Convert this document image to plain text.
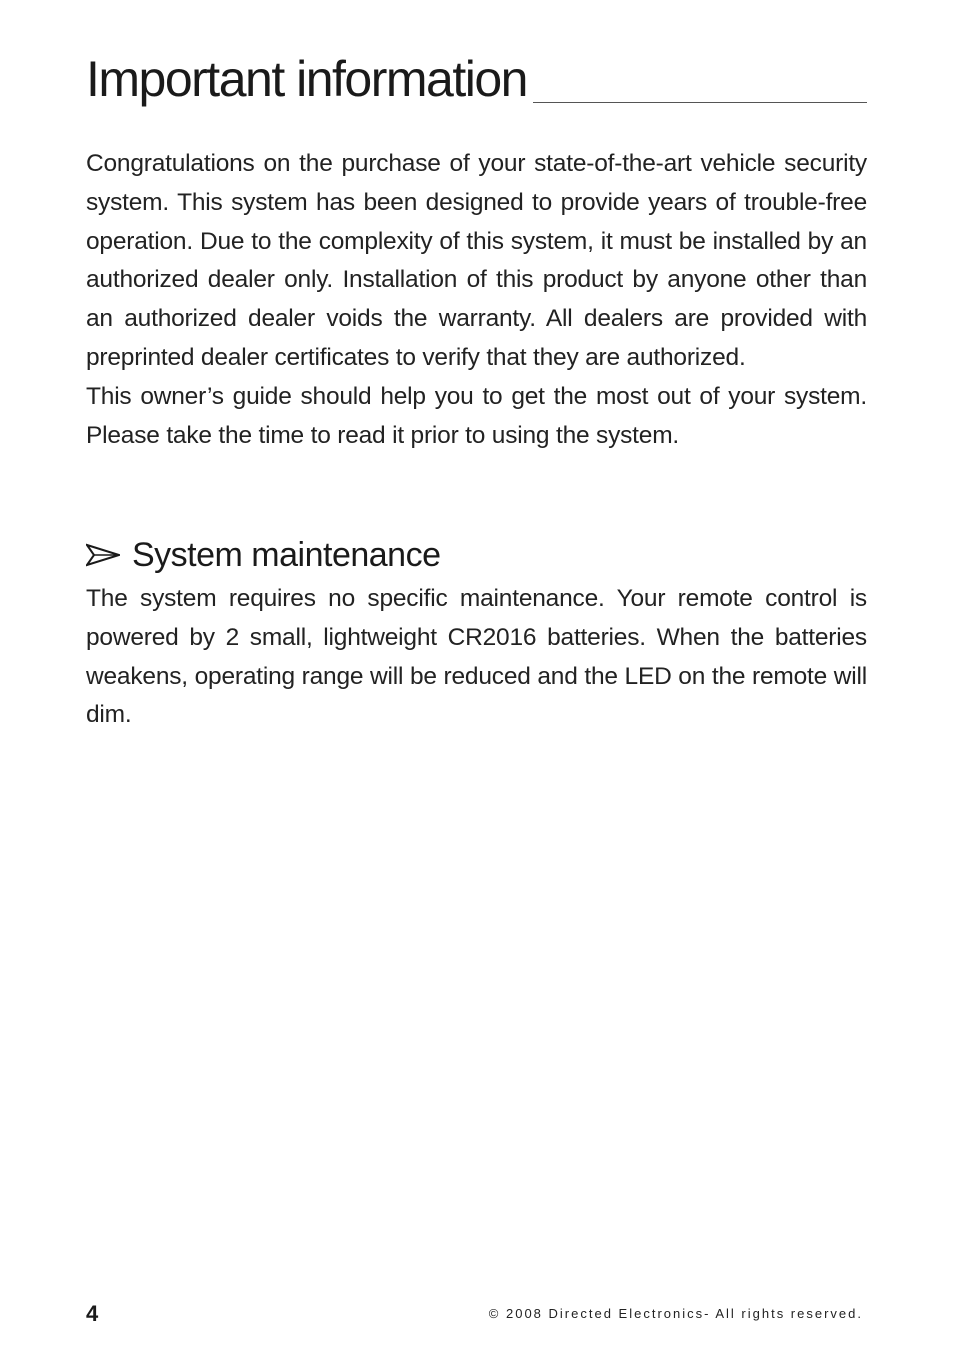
Important information

Congratulations on the purchase of your state-of-the-art vehicle security system. This system has been designed to provide years of trouble-free operation. Due to the complexity of this system, it must be installed by an authorized dealer only. Installation of this product by anyone other than an authorized dealer voids the warranty. All dealers are provided with preprinted dealer certificates to verify that they are authorized.

This owner’s guide should help you to get the most out of your system. Please take the time to read it prior to using the system.

System maintenance

The system requires no specific maintenance. Your remote control is powered by 2 small, lightweight CR2016 batteries. When the batteries weakens, operating range will be reduced and the LED on the remote will dim.

4	© 2008 Directed Electronics- All rights reserved.
